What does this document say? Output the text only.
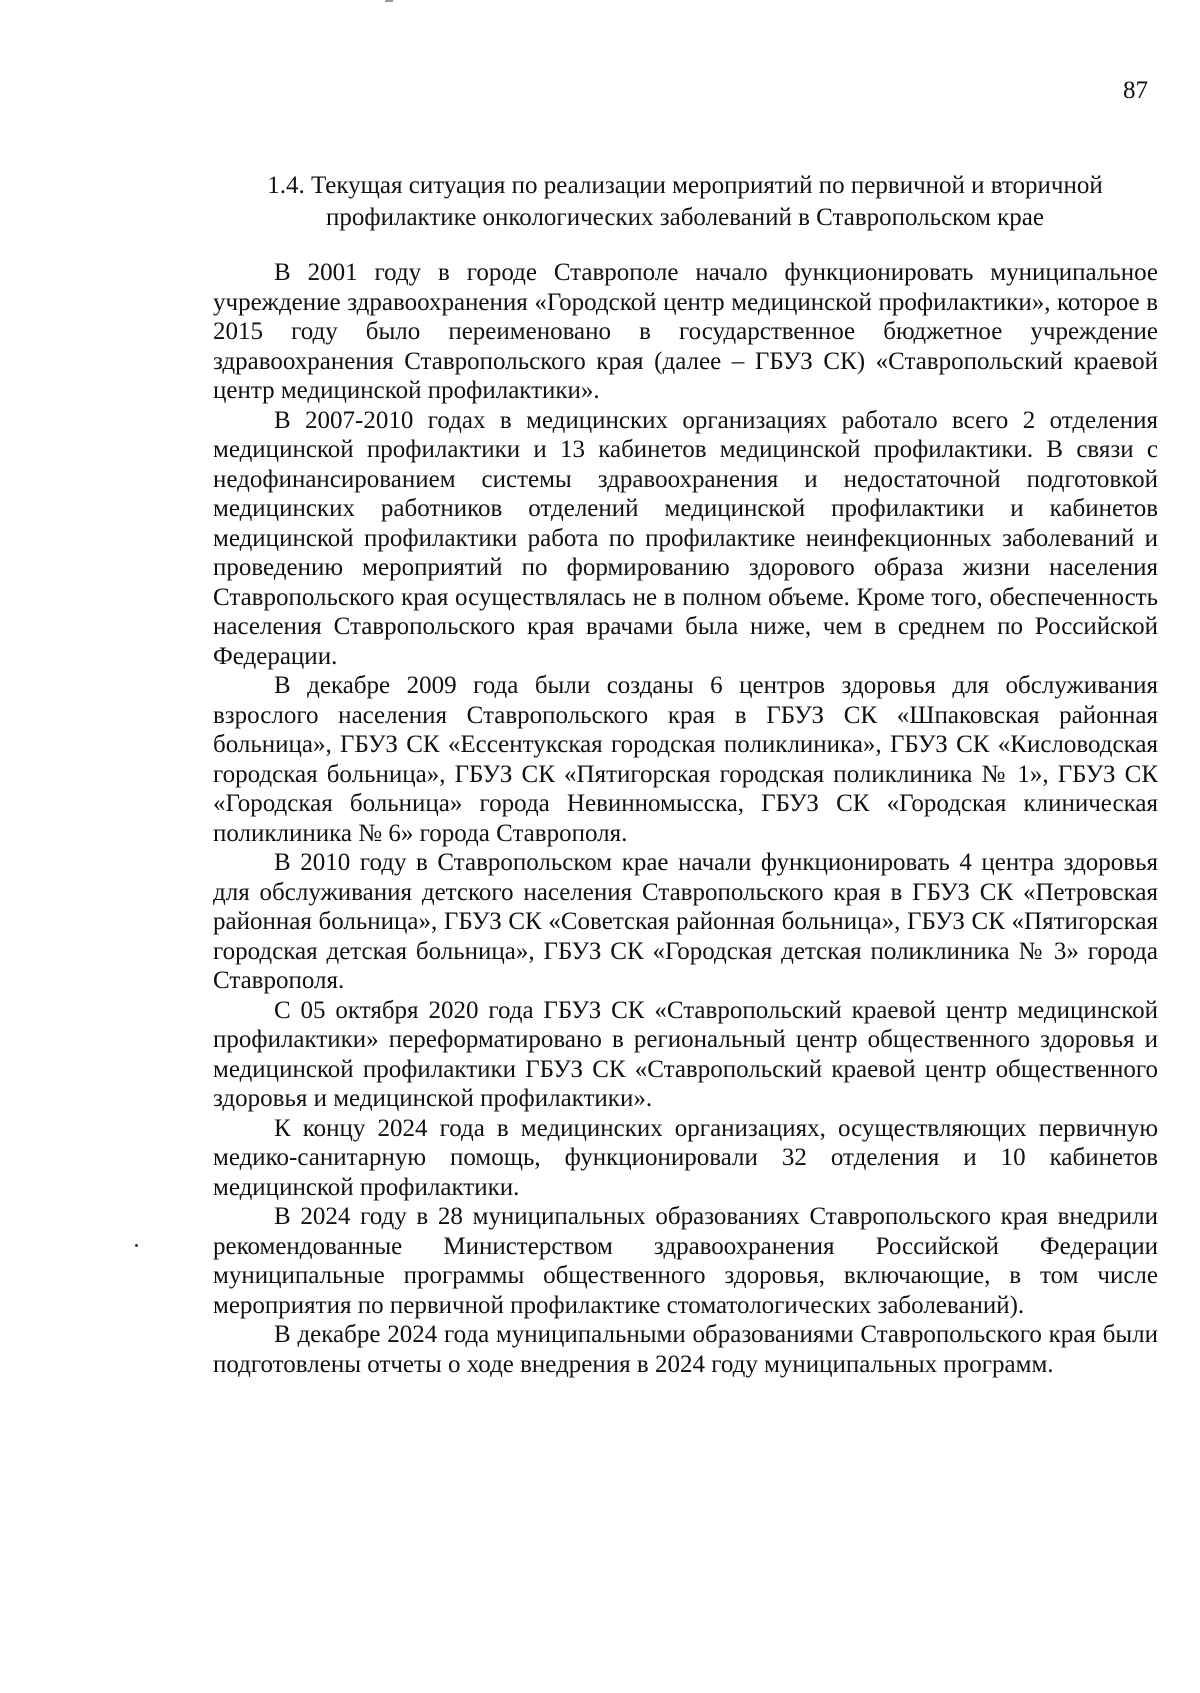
87
1.4. Текущая ситуация по реализации мероприятий по первичной и вторичной профилактике онкологических заболеваний в Ставропольском крае

В 2001 году в городе Ставрополе начало функционировать муниципальное учреждение здравоохранения «Городской центр медицинской профилактики», которое в 2015 году было переименовано в государственное бюджетное учреждение здравоохранения Ставропольского края (далее – ГБУЗ СК) «Ставропольский краевой центр медицинской профилактики».

В 2007-2010 годах в медицинских организациях работало всего 2 отделения медицинской профилактики и 13 кабинетов медицинской профилактики. В связи с недофинансированием системы здравоохранения и недостаточной подготовкой медицинских работников отделений медицинской профилактики и кабинетов медицинской профилактики работа по профилактике неинфекционных заболеваний и проведению мероприятий по формированию здорового образа жизни населения Ставропольского края осуществлялась не в полном объеме. Кроме того, обеспеченность населения Ставропольского края врачами была ниже, чем в среднем по Российской Федерации.

В декабре 2009 года были созданы 6 центров здоровья для обслуживания взрослого населения Ставропольского края в ГБУЗ СК «Шпаковская районная больница», ГБУЗ СК «Ессентукская городская поликлиника», ГБУЗ СК «Кисловодская городская больница», ГБУЗ СК «Пятигорская городская поликлиника № 1», ГБУЗ СК «Городская больница» города Невинномысска, ГБУЗ СК «Городская клиническая поликлиника № 6» города Ставрополя.

В 2010 году в Ставропольском крае начали функционировать 4 центра здоровья для обслуживания детского населения Ставропольского края в ГБУЗ СК «Петровская районная больница», ГБУЗ СК «Советская районная больница», ГБУЗ СК «Пятигорская городская детская больница», ГБУЗ СК «Городская детская поликлиника № 3» города Ставрополя.

С 05 октября 2020 года ГБУЗ СК «Ставропольский краевой центр медицинской профилактики» переформатировано в региональный центр общественного здоровья и медицинской профилактики ГБУЗ СК «Ставропольский краевой центр общественного здоровья и медицинской профилактики».

К концу 2024 года в медицинских организациях, осуществляющих первичную медико-санитарную помощь, функционировали 32 отделения и 10 кабинетов медицинской профилактики.

В 2024 году в 28 муниципальных образованиях Ставропольского края внедрили рекомендованные Министерством здравоохранения Российской Федерации муниципальные программы общественного здоровья, включающие, в том числе мероприятия по первичной профилактике стоматологических заболеваний).

В декабре 2024 года муниципальными образованиями Ставропольского края были подготовлены отчеты о ходе внедрения в 2024 году муниципальных программ.
